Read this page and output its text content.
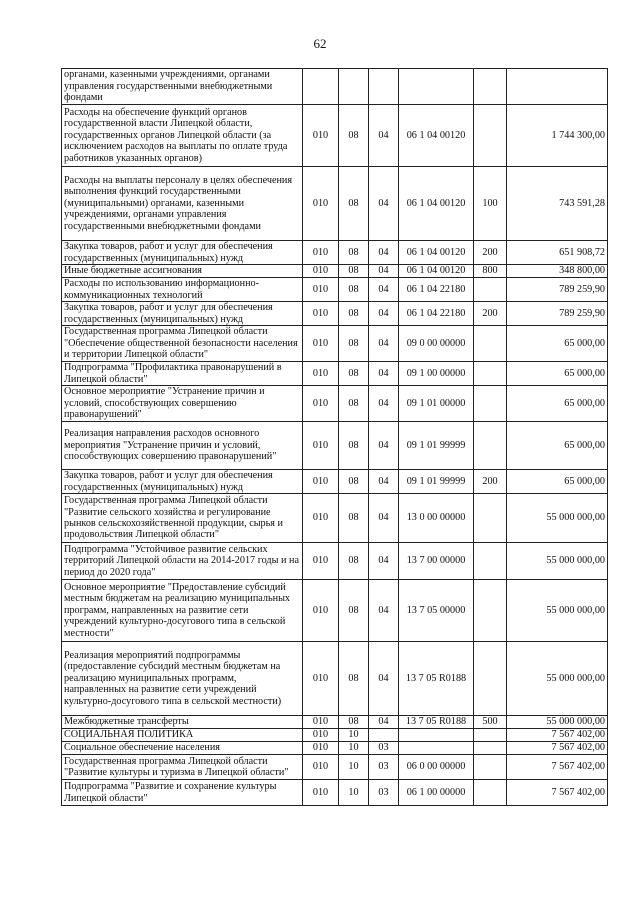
62
органами, казенными учреждениями, органами управления государственными внебюджетными фондами						
Расходы на обеспечение функций органов государственной власти Липецкой области, государственных органов Липецкой области (за исключением расходов на выплаты по оплате труда работников указанных органов)	010	08	04	06 1 04 00120		1 744 300,00
Расходы на выплаты персоналу в целях обеспечения выполнения функций государственными (муниципальными) органами, казенными учреждениями, органами управления государственными внебюджетными фондами	010	08	04	06 1 04 00120	100	743 591,28
Закупка товаров, работ и услуг для обеспечения государственных (муниципальных) нужд	010	08	04	06 1 04 00120	200	651 908,72
Иные бюджетные ассигнования	010	08	04	06 1 04 00120	800	348 800,00
Расходы по использованию информационно-коммуникационных технологий	010	08	04	06 1 04 22180		789 259,90
Закупка товаров, работ и услуг для обеспечения государственных (муниципальных) нужд	010	08	04	06 1 04 22180	200	789 259,90
Государственная программа Липецкой области "Обеспечение общественной безопасности населения и территории Липецкой области"	010	08	04	09 0 00 00000		65 000,00
Подпрограмма "Профилактика правонарушений в Липецкой области"	010	08	04	09 1 00 00000		65 000,00
Основное мероприятие "Устранение причин и условий, способствующих совершению правонарушений"	010	08	04	09 1 01 00000		65 000,00
Реализация направления расходов основного мероприятия "Устранение причин и условий, способствующих совершению правонарушений"	010	08	04	09 1 01 99999		65 000,00
Закупка товаров, работ и услуг для обеспечения государственных (муниципальных) нужд	010	08	04	09 1 01 99999	200	65 000,00
Государственная программа Липецкой области "Развитие сельского хозяйства и регулирование рынков сельскохозяйственной продукции, сырья и продовольствия Липецкой области"	010	08	04	13 0 00 00000		55 000 000,00
Подпрограмма "Устойчивое развитие сельских территорий Липецкой области на 2014-2017 годы и на период до 2020 года"	010	08	04	13 7 00 00000		55 000 000,00
Основное мероприятие "Предоставление субсидий местным бюджетам на реализацию муниципальных программ, направленных на развитие сети учреждений культурно-досугового типа в сельской местности"	010	08	04	13 7 05 00000		55 000 000,00
Реализация мероприятий подпрограммы (предоставление субсидий местным бюджетам на реализацию муниципальных программ, направленных на развитие сети учреждений культурно-досугового типа в сельской местности)	010	08	04	13 7 05 R0188		55 000 000,00
Межбюджетные трансферты	010	08	04	13 7 05 R0188	500	55 000 000,00
СОЦИАЛЬНАЯ ПОЛИТИКА	010	10				7 567 402,00
Социальное обеспечение населения	010	10	03			7 567 402,00
Государственная программа Липецкой области "Развитие культуры и туризма в Липецкой области"	010	10	03	06 0 00 00000		7 567 402,00
Подпрограмма "Развитие и сохранение культуры Липецкой области"	010	10	03	06 1 00 00000		7 567 402,00
